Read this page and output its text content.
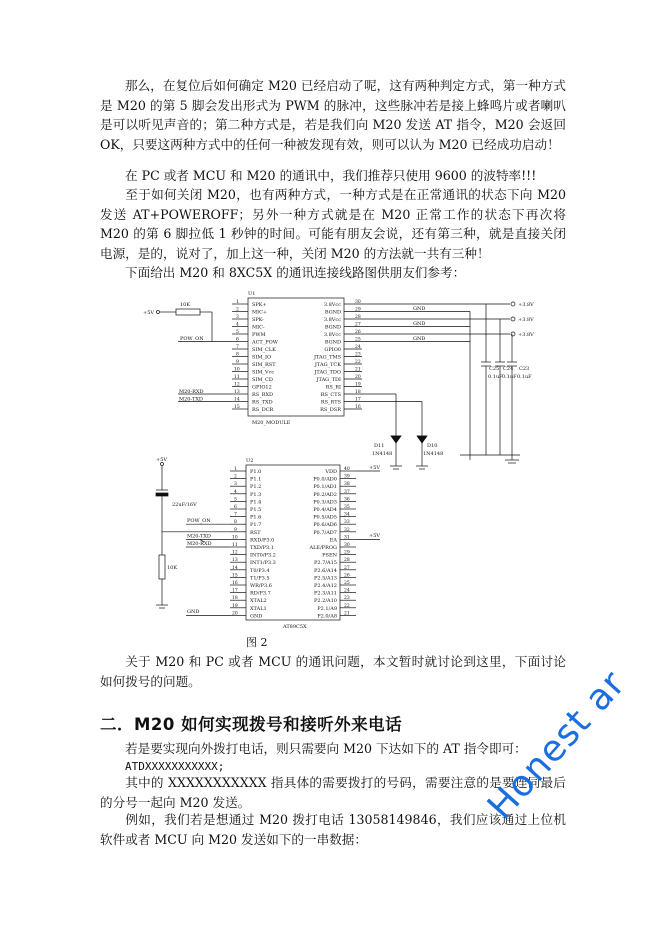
那么，在复位后如何确定 M20 已经启动了呢，这有两种判定方式，第一种方式是 M20 的第 5 脚会发出形式为 PWM 的脉冲，这些脉冲若是接上蜂鸣片或者喇叭是可以听见声音的；第二种方式是，若是我们向 M20 发送 AT 指令，M20 会返回 OK，只要这两种方式中的任何一种被发现有效，则可以认为 M20 已经成功启动！

在 PC 或者 MCU 和 M20 的通讯中，我们推荐只使用 9600 的波特率!!!

至于如何关闭 M20，也有两种方式，一种方式是在正常通讯的状态下向 M20 发送 AT+POWEROFF；另外一种方式就是在 M20 正常工作的状态下再次将 M20 的第 6 脚拉低 1 秒钟的时间。可能有朋友会说，还有第三种，就是直接关闭电源，是的，说对了，加上这一种，关闭 M20 的方法就一共有三种！

下面给出 M20 和 8XC5X 的通讯连接线路图供朋友们参考：

U1
M20_MODULE
SPK+
MIC+
SPK-
MIC-
PWM
ACT_POW
SIM_CLK
SIM_IO
SIM_RST
SIM_Vcc
SIM_CD
GPIO12
RS_RXD
RS_TXD
RS_DCR
1
2
3
4
5
6
7
8
9
10
11
12
13
14
15
3.8Vcc
BGND
3.8Vcc
BGND
3.8Vcc
BGND
GPIO0
JTAG_TMS
JTAG_TCK
JTAG_TDO
JTAG_TDI
RS_RI
RS_CTS
RS_RTS
RS_DSR
30
29
28
27
26
25
24
23
22
21
20
19
18
17
16
+5V
10K
POW_ON
M20-RXD
M20-TXD
GND
GND
GND
+3.8V
+3.8V
+3.8V
C25
0.1uF
C24
0.1uF
C23
0.1uF
D11
1N4148
D10
1N4148
U2
AT89C5X
P1.0
P1.1
P1.2
P1.3
P1.4
P1.5
P1.6
P1.7
RST
RXD/P3.0
TXD/P3.1
INT0/P3.2
INT1/P3.3
T0/P3.4
T1/P3.5
WR/P3.6
RD/P3.7
XTAL2
XTAL1
GND
1
2
3
4
5
6
7
8
9
10
11
12
13
14
15
16
17
18
19
20
VDD
P0.0/AD0
P0.1/AD1
P0.2/AD2
P0.3/AD3
P0.4/AD4
P0.5/AD5
P0.6/AD6
P0.7/AD7
EA
ALE/PROG
PSEN
P2.7/A15
P2.6/A14
P2.5/A13
P2.4/A12
P2.3/A11
P2.2/A10
P2.1/A9
P2.0/A8
40
39
38
37
36
35
34
33
32
31
30
29
28
27
26
25
24
23
22
21
+5V
+5V
+5V
22uF/16V
10K
POW_ON
M20-TXD
M20-RXD
GND
图 2

关于 M20 和 PC 或者 MCU 的通讯问题，本文暂时就讨论到这里，下面讨论如何拨号的问题。

二．M20 如何实现拨号和接听外来电话

若是要实现向外拨打电话，则只需要向 M20 下达如下的 AT 指令即可：

ATDXXXXXXXXXXX;

其中的 XXXXXXXXXXX 指具体的需要拨打的号码，需要注意的是要连同最后的分号一起向 M20 发送。

例如，我们若是想通过 M20 拨打电话 13058149846，我们应该通过上位机软件或者 MCU 向 M20 发送如下的一串数据：

Honest ar
